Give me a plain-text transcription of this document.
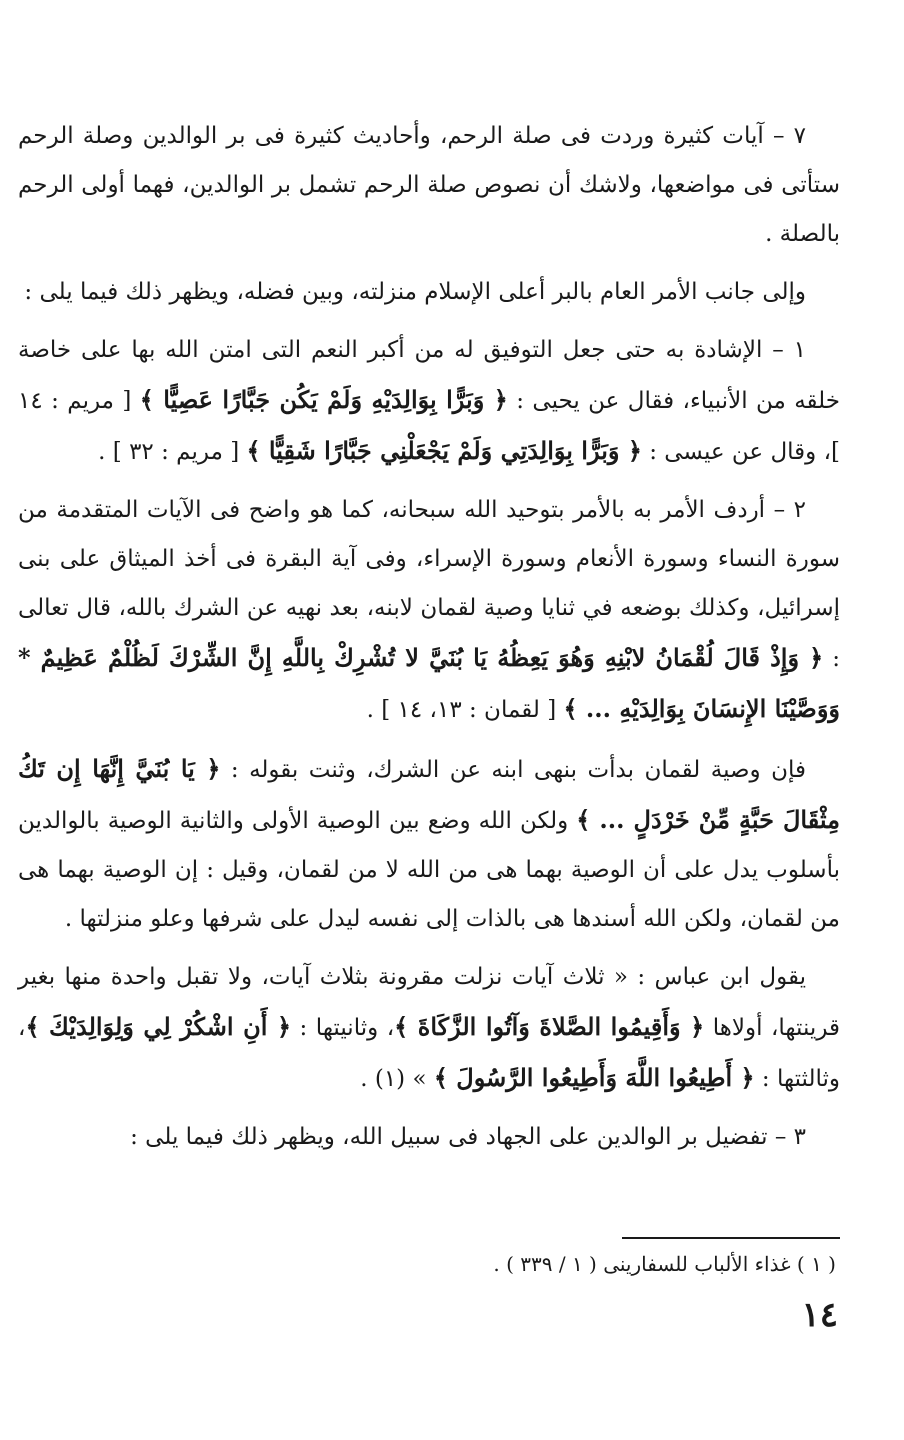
٧ – آيات كثيرة وردت فى صلة الرحم، وأحاديث كثيرة فى بر الوالدين وصلة الرحم ستأتى فى مواضعها، ولاشك أن نصوص صلة الرحم تشمل بر الوالدين، فهما أولى الرحم بالصلة .

وإلى جانب الأمر العام بالبر أعلى الإسلام منزلته، وبين فضله، ويظهر ذلك فيما يلى :

١ – الإشادة به حتى جعل التوفيق له من أكبر النعم التى امتن الله بها على خاصة خلقه من الأنبياء، فقال عن يحيى : ﴿ وَبَرًّا بِوَالِدَيْهِ وَلَمْ يَكُن جَبَّارًا عَصِيًّا ﴾ [ مريم : ١٤ ]، وقال عن عيسى : ﴿ وَبَرًّا بِوَالِدَتِي وَلَمْ يَجْعَلْنِي جَبَّارًا شَقِيًّا ﴾ [ مريم : ٣٢ ] .

٢ – أردف الأمر به بالأمر بتوحيد الله سبحانه، كما هو واضح فى الآيات المتقدمة من سورة النساء وسورة الأنعام وسورة الإسراء، وفى آية البقرة فى أخذ الميثاق على بنى إسرائيل، وكذلك بوضعه في ثنايا وصية لقمان لابنه، بعد نهيه عن الشرك بالله، قال تعالى : ﴿ وَإِذْ قَالَ لُقْمَانُ لابْنِهِ وَهُوَ يَعِظُهُ يَا بُنَيَّ لا تُشْرِكْ بِاللَّهِ إِنَّ الشِّرْكَ لَظُلْمٌ عَظِيمٌ * وَوَصَّيْنَا الإِنسَانَ بِوَالِدَيْهِ ... ﴾ [ لقمان : ١٣، ١٤ ] .

فإن وصية لقمان بدأت بنهى ابنه عن الشرك، وثنت بقوله : ﴿ يَا بُنَيَّ إِنَّهَا إِن تَكُ مِثْقَالَ حَبَّةٍ مِّنْ خَرْدَلٍ ... ﴾ ولكن الله وضع بين الوصية الأولى والثانية الوصية بالوالدين بأسلوب يدل على أن الوصية بهما هى من الله لا من لقمان، وقيل : إن الوصية بهما هى من لقمان، ولكن الله أسندها هى بالذات إلى نفسه ليدل على شرفها وعلو منزلتها .

يقول ابن عباس : « ثلاث آيات نزلت مقرونة بثلاث آيات، ولا تقبل واحدة منها بغير قرينتها، أولاها ﴿ وَأَقِيمُوا الصَّلاةَ وَآتُوا الزَّكَاةَ ﴾، وثانيتها : ﴿ أَنِ اشْكُرْ لِي وَلِوَالِدَيْكَ ﴾، وثالثتها : ﴿ أَطِيعُوا اللَّهَ وَأَطِيعُوا الرَّسُولَ ﴾ » (١) .

٣ – تفضيل بر الوالدين على الجهاد فى سبيل الله، ويظهر ذلك فيما يلى :

( ١ ) غذاء الألباب للسفارينى ( ١ / ٣٣٩ ) .
١٤
